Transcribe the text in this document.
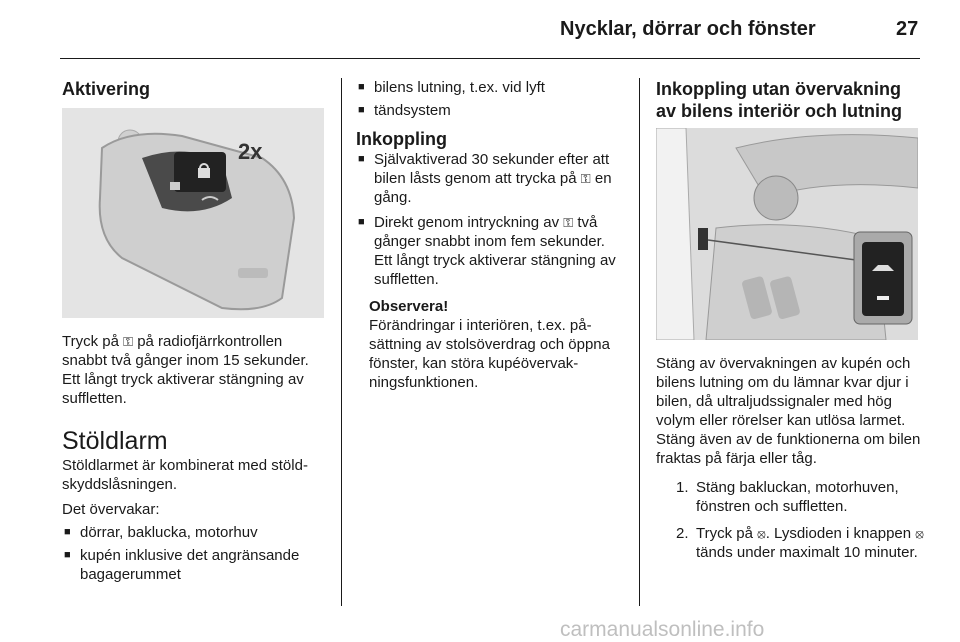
Nycklar, dörrar och fönster	27

Aktivering

2x

Tryck på ⚿ på radiofjärrkontrollen snabbt två gånger inom 15 sekunder. Ett långt tryck aktiverar stängning av suffletten.

Stöldlarm

Stöldlarmet är kombinerat med stöldskyddslåsningen.

Det övervakar:

■ dörrar, baklucka, motorhuv

■ kupén inklusive det angränsande bagagerummet

■ bilens lutning, t.ex. vid lyft

■ tändsystem

Inkoppling

■ Självaktiverad 30 sekunder efter att bilen låsts genom att trycka på ⚿ en gång.

■ Direkt genom intryckning av ⚿ två gånger snabbt inom fem sekunder. Ett långt tryck aktiverar stängning av suffletten.

Observera!

Förändringar i interiören, t.ex. påsättning av stolsöverdrag och öppna fönster, kan störa kupéövervakningsfunktionen.

Inkoppling utan övervakning av bilens interiör och lutning

Stäng av övervakningen av kupén och bilens lutning om du lämnar kvar djur i bilen, då ultraljudssignaler med hög volym eller rörelser kan utlösa larmet. Stäng även av de funktionerna om bilen fraktas på färja eller tåg.

1. Stäng bakluckan, motorhuven, fönstren och suffletten.

2. Tryck på ⦻. Lysdioden i knappen ⦻ tänds under maximalt 10 minuter.

carmanualsonline.info
